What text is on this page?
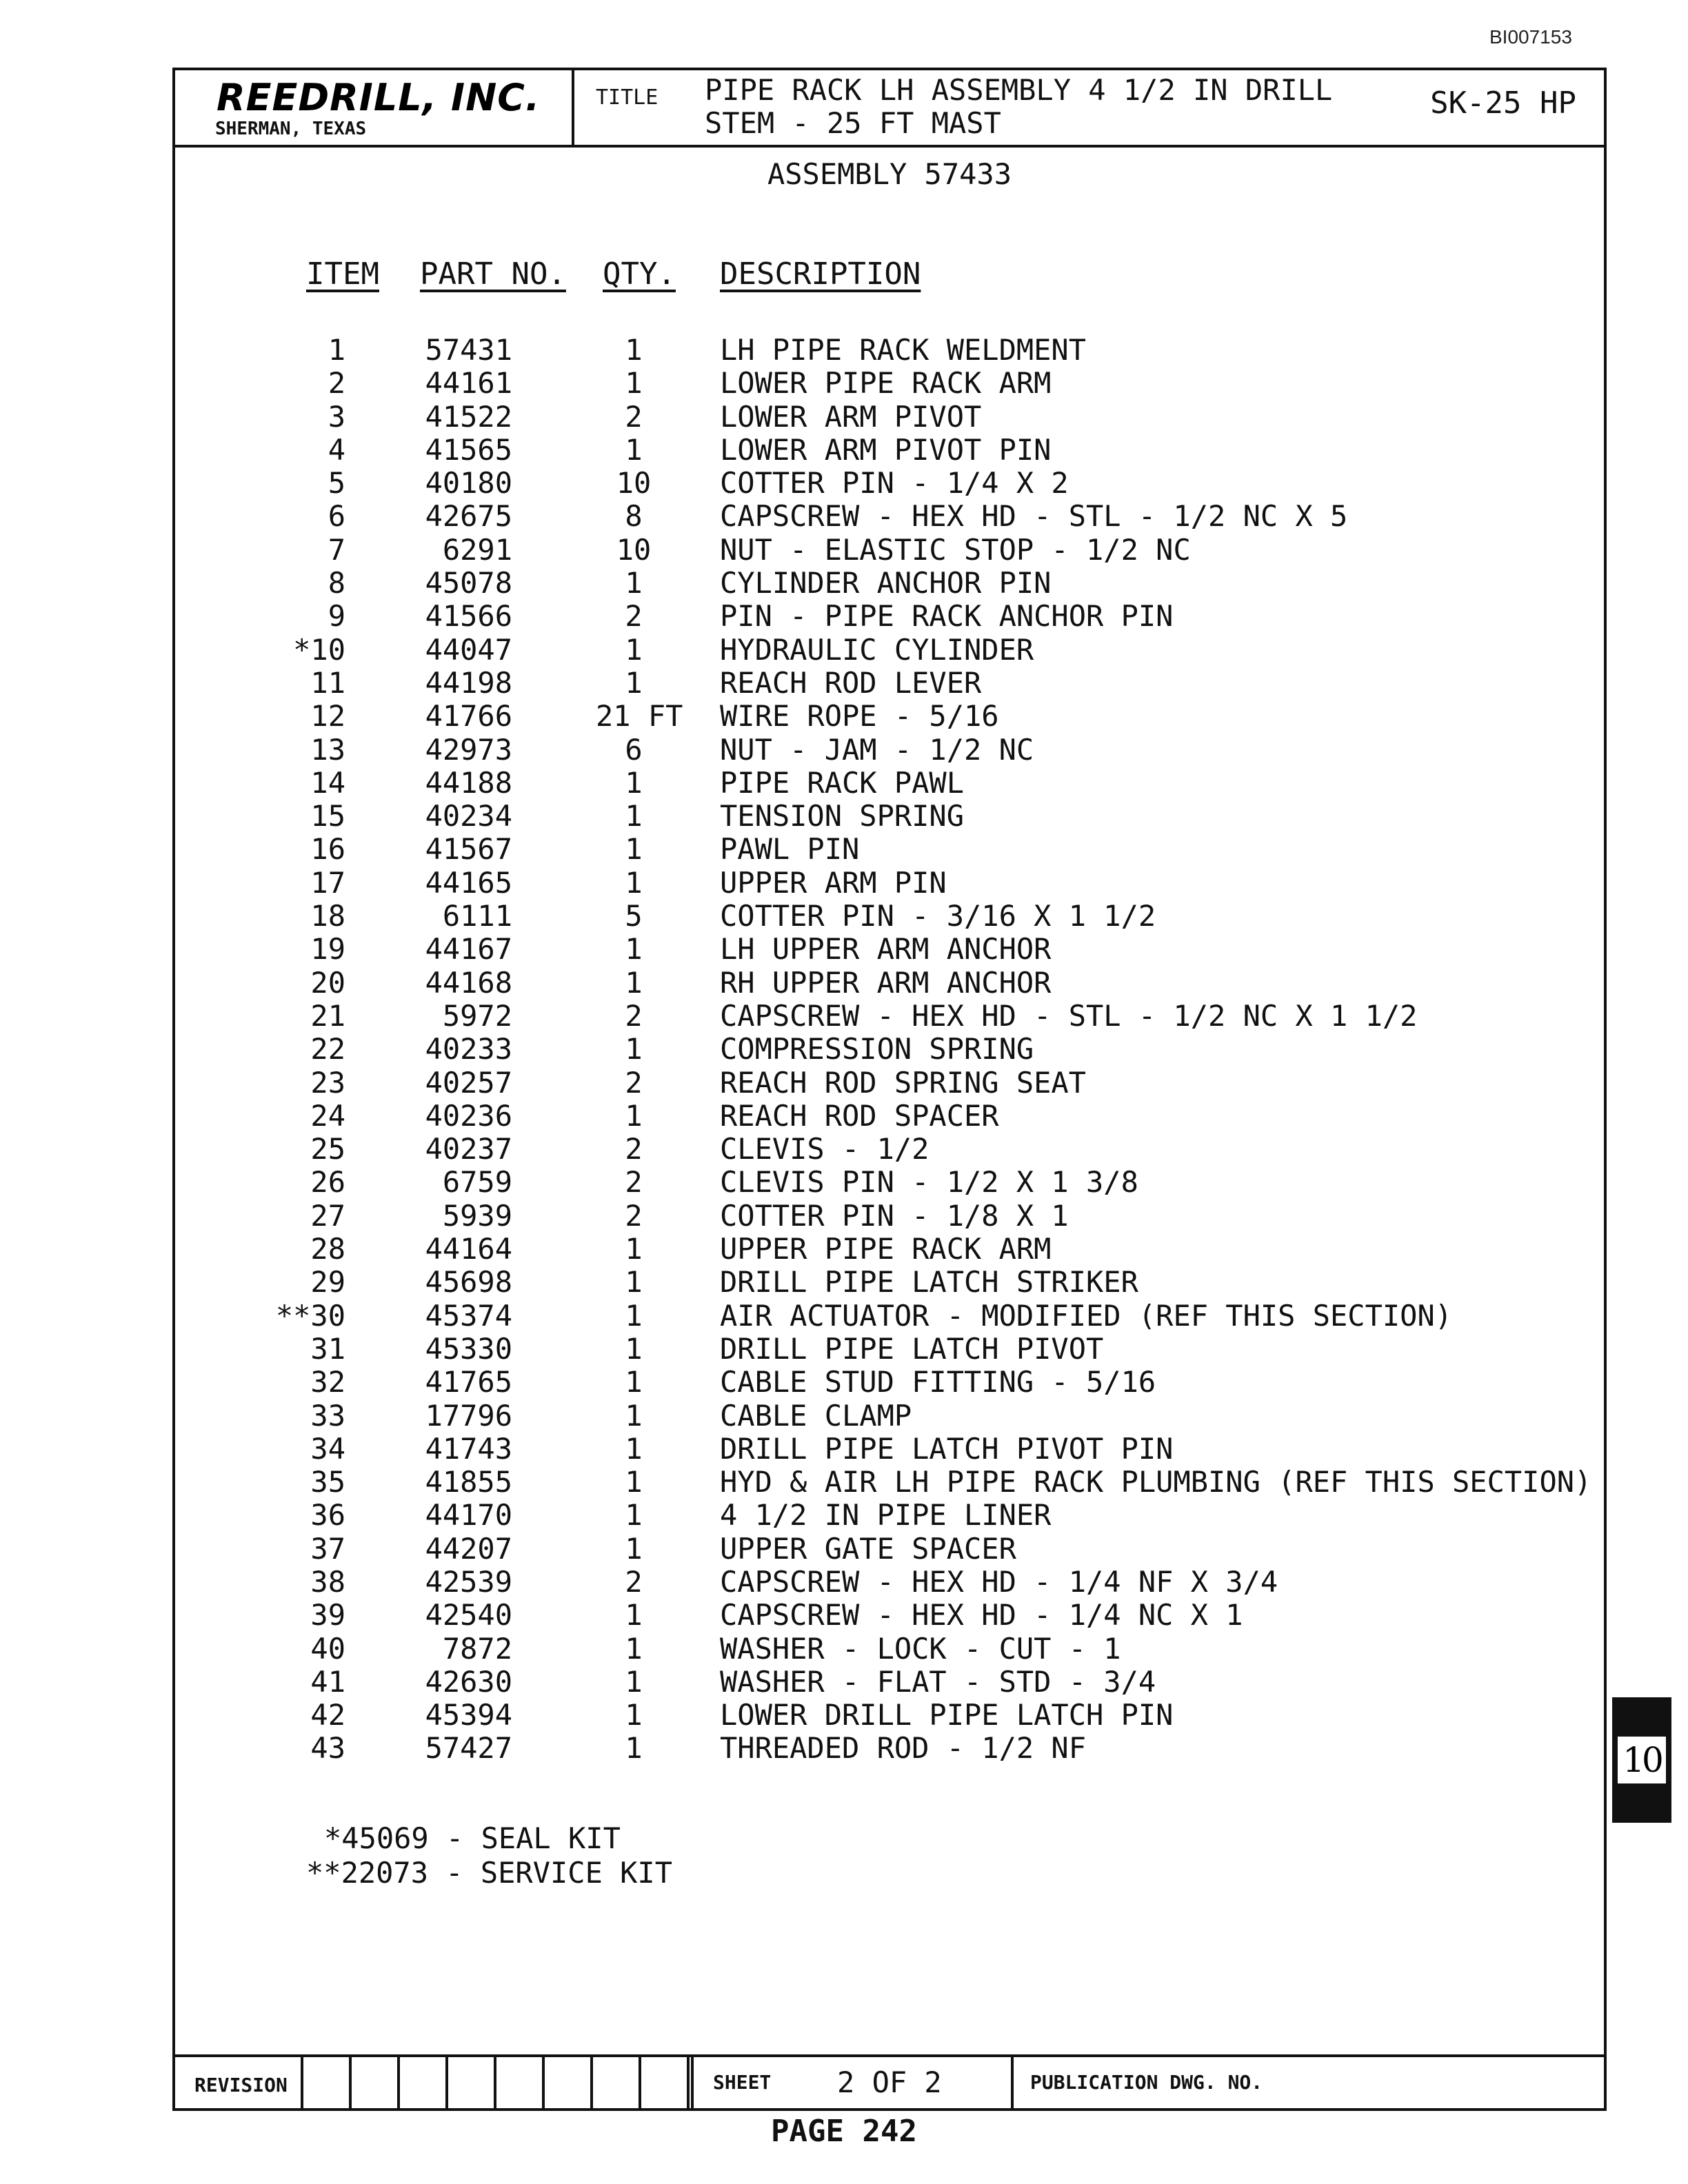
BI007153
REEDRILL, INC.
SHERMAN, TEXAS
TITLE PIPE RACK LH ASSEMBLY 4 1/2 IN DRILL
STEM - 25 FT MAST
SK-25 HP
ASSEMBLY 57433
ITEM PART NO. QTY. DESCRIPTION
1	57431	1	LH PIPE RACK WELDMENT
2	44161	1	LOWER PIPE RACK ARM
3	41522	2	LOWER ARM PIVOT
4	41565	1	LOWER ARM PIVOT PIN
5	40180	10	COTTER PIN - 1/4 X 2
6	42675	8	CAPSCREW - HEX HD - STL - 1/2 NC X 5
7	6291	10	NUT - ELASTIC STOP - 1/2 NC
8	45078	1	CYLINDER ANCHOR PIN
9	41566	2	PIN - PIPE RACK ANCHOR PIN
*10	44047	1	HYDRAULIC CYLINDER
11	44198	1	REACH ROD LEVER
12	41766	21 FT WIRE ROPE - 5/16
13	42973	6	NUT - JAM - 1/2 NC
14	44188	1	PIPE RACK PAWL
15	40234	1	TENSION SPRING
16	41567	1	PAWL PIN
17	44165	1	UPPER ARM PIN
18	6111	5	COTTER PIN - 3/16 X 1 1/2
19	44167	1	LH UPPER ARM ANCHOR
20	44168	1	RH UPPER ARM ANCHOR
21	5972	2	CAPSCREW - HEX HD - STL - 1/2 NC X 1 1/2
22	40233	1	COMPRESSION SPRING
23	40257	2	REACH ROD SPRING SEAT
24	40236	1	REACH ROD SPACER
25	40237	2	CLEVIS - 1/2
26	6759	2	CLEVIS PIN - 1/2 X 1 3/8
27	5939	2	COTTER PIN - 1/8 X 1
28	44164	1	UPPER PIPE RACK ARM
29	45698	1	DRILL PIPE LATCH STRIKER
**30	45374	1	AIR ACTUATOR - MODIFIED (REF THIS SECTION)
31	45330	1	DRILL PIPE LATCH PIVOT
32	41765	1	CABLE STUD FITTING - 5/16
33	17796	1	CABLE CLAMP
34	41743	1	DRILL PIPE LATCH PIVOT PIN
35	41855	1	HYD & AIR LH PIPE RACK PLUMBING (REF THIS SECTION)
36	44170	1	4 1/2 IN PIPE LINER
37	44207	1	UPPER GATE SPACER
38	42539	2	CAPSCREW - HEX HD - 1/4 NF X 3/4
39	42540	1	CAPSCREW - HEX HD - 1/4 NC X 1
40	7872	1	WASHER - LOCK - CUT - 1
41	42630	1	WASHER - FLAT - STD - 3/4
42	45394	1	LOWER DRILL PIPE LATCH PIN
43	57427	1	THREADED ROD - 1/2 NF
*45069 - SEAL KIT
**22073 - SERVICE KIT
REVISION	SHEET 2 OF 2	PUBLICATION DWG. NO.
PAGE 242
10
